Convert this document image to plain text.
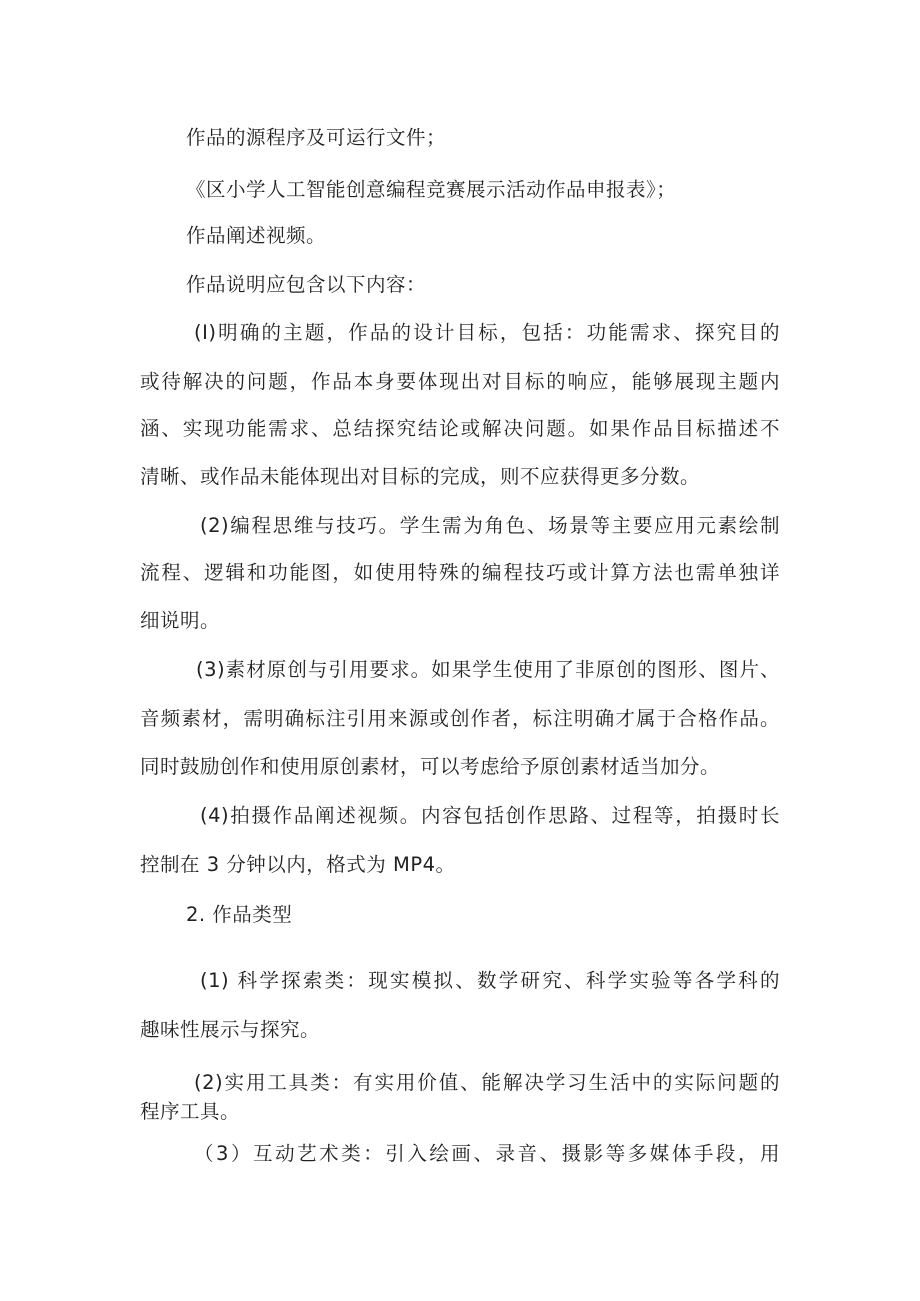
作品的源程序及可运行文件；
《区小学人工智能创意编程竞赛展示活动作品申报表》；
作品阐述视频。
作品说明应包含以下内容：
(I)明确的主题，作品的设计目标，包括：功能需求、探究目的
或待解决的问题，作品本身要体现出对目标的响应，能够展现主题内
涵、实现功能需求、总结探究结论或解决问题。如果作品目标描述不
清晰、或作品未能体现出对目标的完成，则不应获得更多分数。
(2)编程思维与技巧。学生需为角色、场景等主要应用元素绘制
流程、逻辑和功能图，如使用特殊的编程技巧或计算方法也需单独详
细说明。
(3)素材原创与引用要求。如果学生使用了非原创的图形、图片、
音频素材，需明确标注引用来源或创作者，标注明确才属于合格作品。
同时鼓励创作和使用原创素材，可以考虑给予原创素材适当加分。
(4)拍摄作品阐述视频。内容包括创作思路、过程等，拍摄时长
控制在 3 分钟以内，格式为 MP4。
2. 作品类型
(1) 科学探索类：现实模拟、数学研究、科学实验等各学科的
趣味性展示与探究。
(2)实用工具类：有实用价值、能解决学习生活中的实际问题的
程序工具。
（3）互动艺术类：引入绘画、录音、摄影等多媒体手段，用
